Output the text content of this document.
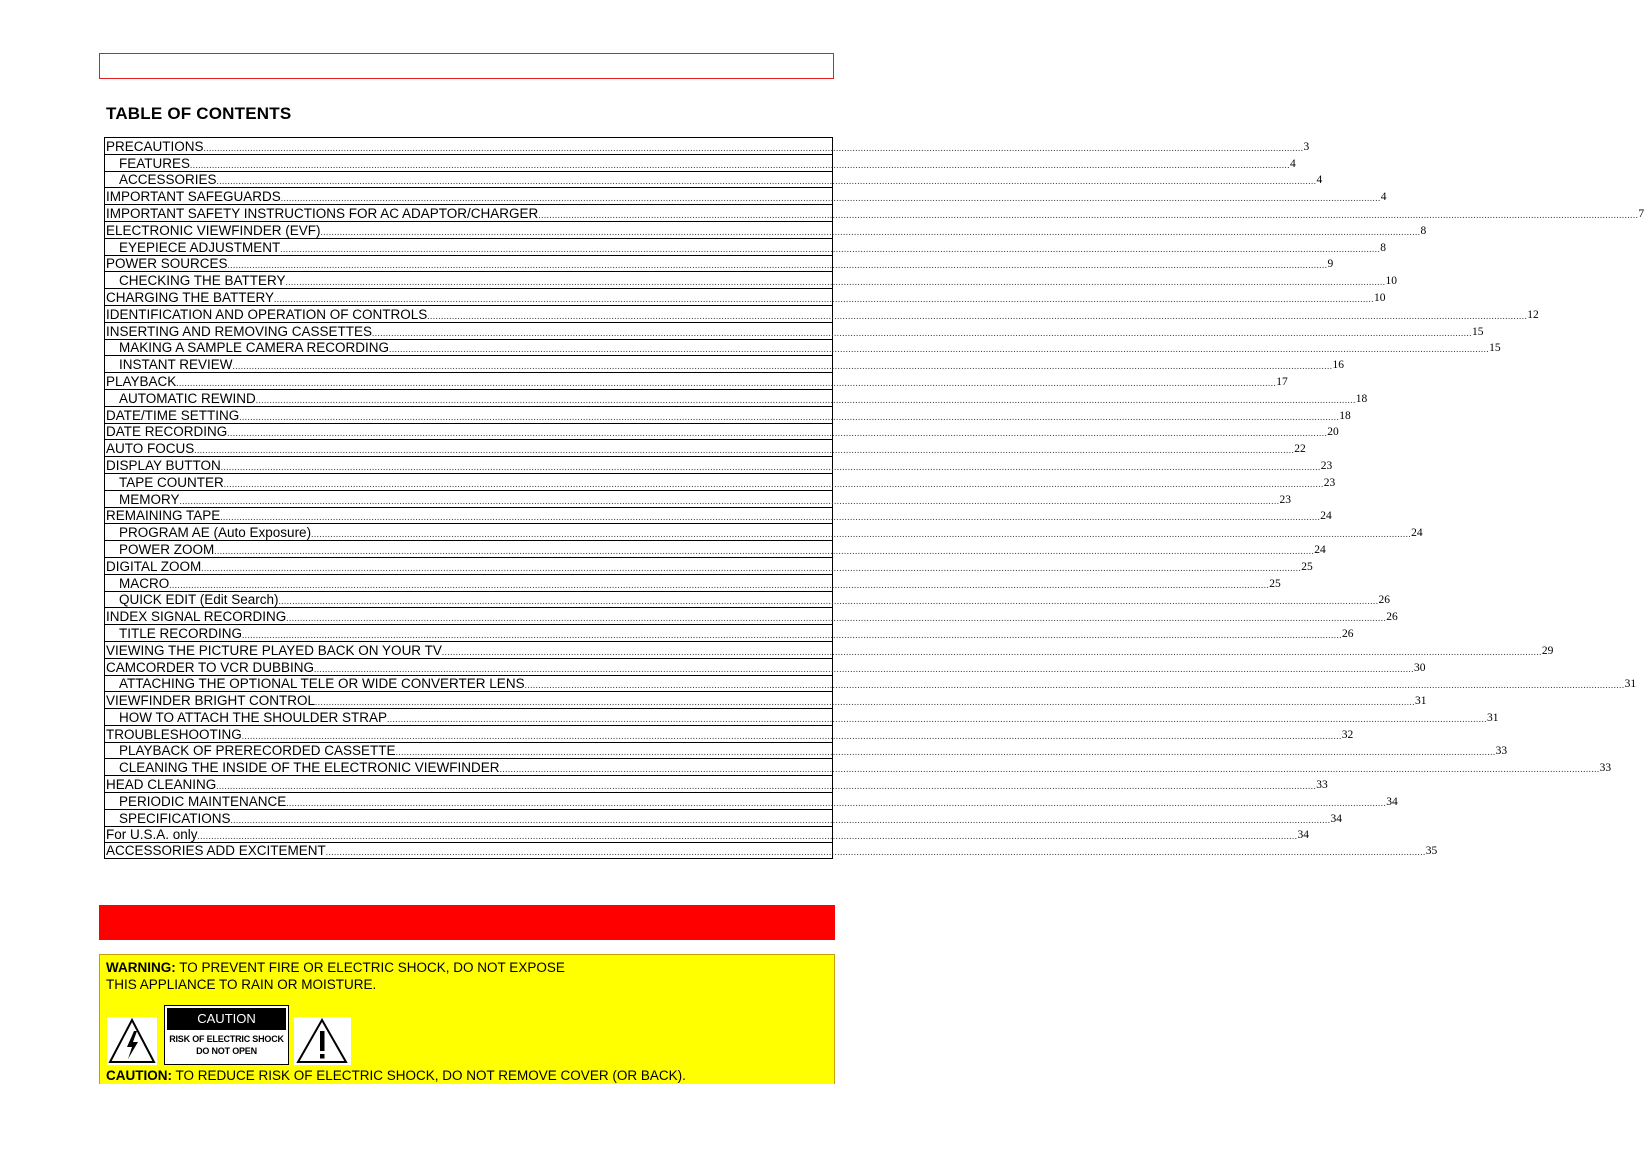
TABLE OF CONTENTS
PRECAUTIONS ................................................................................................................................................................................................................................................................................................................................................................................................................ 3
FEATURES ................................................................................................................................................................................................................................................................................................................................................................................................................ 4
ACCESSORIES ................................................................................................................................................................................................................................................................................................................................................................................................................ 4
IMPORTANT SAFEGUARDS ................................................................................................................................................................................................................................................................................................................................................................................................................ 4
IMPORTANT SAFETY INSTRUCTIONS FOR AC ADAPTOR/CHARGER ................................................................................................................................................................................................................................................................................................................................................................................................................ 7
ELECTRONIC VIEWFINDER (EVF) ................................................................................................................................................................................................................................................................................................................................................................................................................ 8
EYEPIECE ADJUSTMENT ................................................................................................................................................................................................................................................................................................................................................................................................................ 8
POWER SOURCES ................................................................................................................................................................................................................................................................................................................................................................................................................ 9
CHECKING THE BATTERY ................................................................................................................................................................................................................................................................................................................................................................................................................ 10
CHARGING THE BATTERY ................................................................................................................................................................................................................................................................................................................................................................................................................ 10
IDENTIFICATION AND OPERATION OF CONTROLS ................................................................................................................................................................................................................................................................................................................................................................................................................ 12
INSERTING AND REMOVING CASSETTES ................................................................................................................................................................................................................................................................................................................................................................................................................ 15
MAKING A SAMPLE CAMERA RECORDING ................................................................................................................................................................................................................................................................................................................................................................................................................ 15
INSTANT REVIEW ................................................................................................................................................................................................................................................................................................................................................................................................................ 16
PLAYBACK ................................................................................................................................................................................................................................................................................................................................................................................................................ 17
AUTOMATIC REWIND ................................................................................................................................................................................................................................................................................................................................................................................................................ 18
DATE/TIME SETTING ................................................................................................................................................................................................................................................................................................................................................................................................................ 18
DATE RECORDING ................................................................................................................................................................................................................................................................................................................................................................................................................ 20
AUTO FOCUS ................................................................................................................................................................................................................................................................................................................................................................................................................ 22
DISPLAY BUTTON ................................................................................................................................................................................................................................................................................................................................................................................................................ 23
TAPE COUNTER ................................................................................................................................................................................................................................................................................................................................................................................................................ 23
MEMORY ................................................................................................................................................................................................................................................................................................................................................................................................................ 23
REMAINING TAPE ................................................................................................................................................................................................................................................................................................................................................................................................................ 24
PROGRAM AE (Auto Exposure) ................................................................................................................................................................................................................................................................................................................................................................................................................ 24
POWER ZOOM ................................................................................................................................................................................................................................................................................................................................................................................................................ 24
DIGITAL ZOOM ................................................................................................................................................................................................................................................................................................................................................................................................................ 25
MACRO ................................................................................................................................................................................................................................................................................................................................................................................................................ 25
QUICK EDIT (Edit Search) ................................................................................................................................................................................................................................................................................................................................................................................................................ 26
INDEX SIGNAL RECORDING ................................................................................................................................................................................................................................................................................................................................................................................................................ 26
TITLE RECORDING ................................................................................................................................................................................................................................................................................................................................................................................................................ 26
VIEWING THE PICTURE PLAYED BACK ON YOUR TV ................................................................................................................................................................................................................................................................................................................................................................................................................ 29
CAMCORDER TO VCR DUBBING ................................................................................................................................................................................................................................................................................................................................................................................................................ 30
ATTACHING THE OPTIONAL TELE OR WIDE CONVERTER LENS ................................................................................................................................................................................................................................................................................................................................................................................................................ 31
VIEWFINDER BRIGHT CONTROL ................................................................................................................................................................................................................................................................................................................................................................................................................ 31
HOW TO ATTACH THE SHOULDER STRAP ................................................................................................................................................................................................................................................................................................................................................................................................................ 31
TROUBLESHOOTING ................................................................................................................................................................................................................................................................................................................................................................................................................ 32
PLAYBACK OF PRERECORDED CASSETTE ................................................................................................................................................................................................................................................................................................................................................................................................................ 33
CLEANING THE INSIDE OF THE ELECTRONIC VIEWFINDER ................................................................................................................................................................................................................................................................................................................................................................................................................ 33
HEAD CLEANING ................................................................................................................................................................................................................................................................................................................................................................................................................ 33
PERIODIC MAINTENANCE ................................................................................................................................................................................................................................................................................................................................................................................................................ 34
SPECIFICATIONS ................................................................................................................................................................................................................................................................................................................................................................................................................ 34
For U.S.A. only ................................................................................................................................................................................................................................................................................................................................................................................................................ 34
ACCESSORIES ADD EXCITEMENT ................................................................................................................................................................................................................................................................................................................................................................................................................ 35

WARNING: TO PREVENT FIRE OR ELECTRIC SHOCK, DO NOT EXPOSE

THIS APPLIANCE TO RAIN OR MOISTURE.

CAUTION
RISK OF ELECTRIC SHOCK
DO NOT OPEN

CAUTION: TO REDUCE RISK OF ELECTRIC SHOCK, DO NOT REMOVE COVER (OR BACK).
